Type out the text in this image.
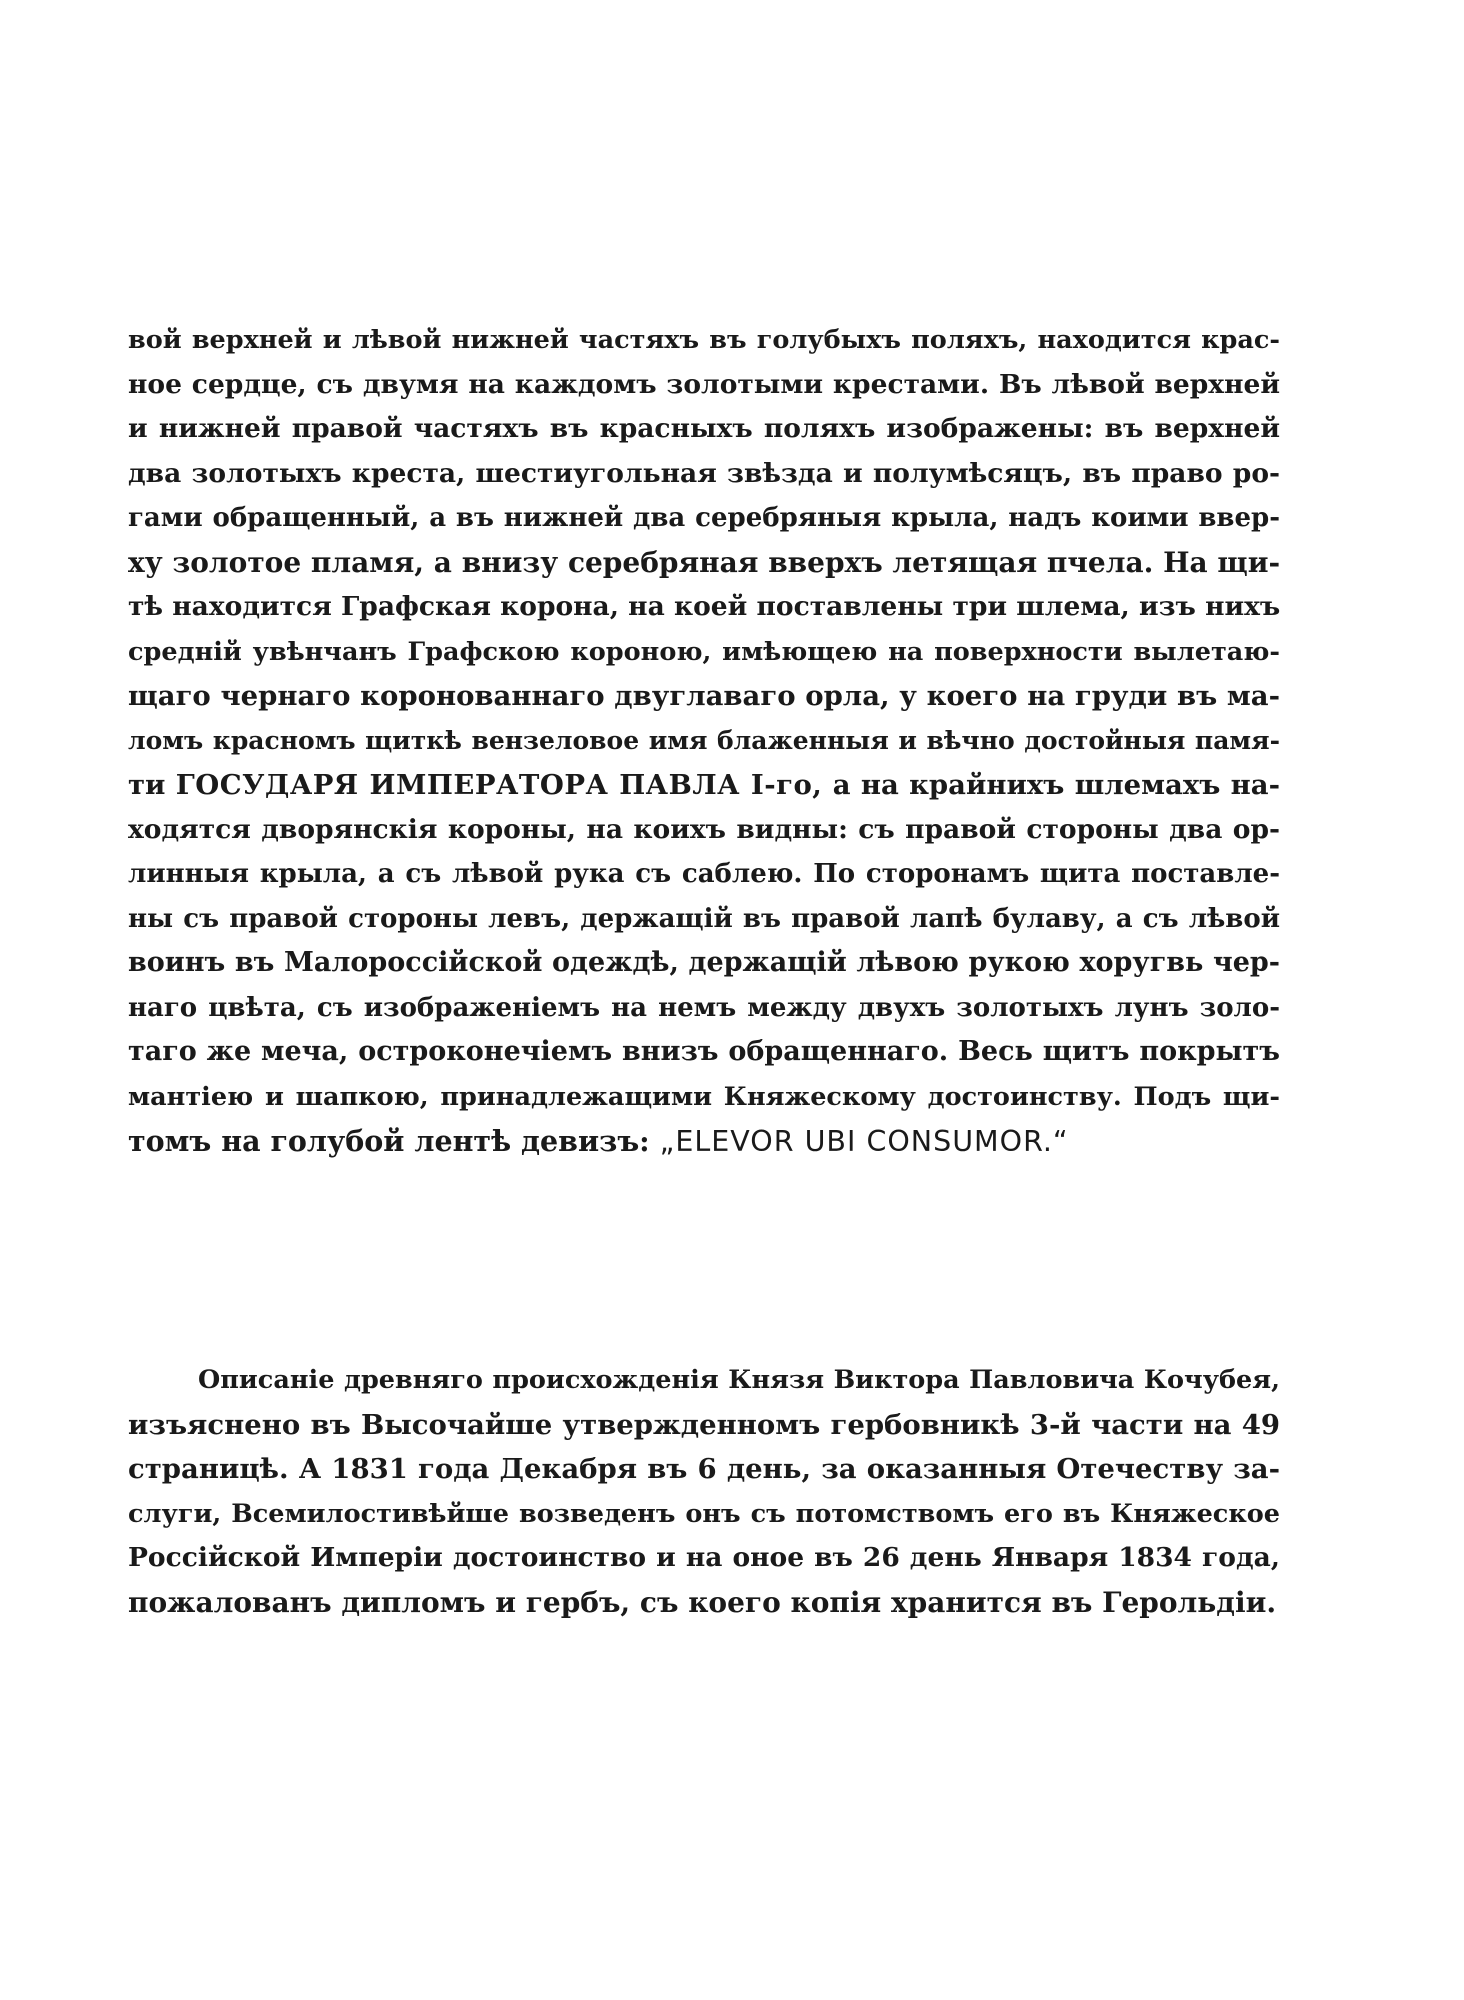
вой верхней и лѣвой нижней частяхъ въ голубыхъ поляхъ, находится крас-
ное сердце, съ двумя на каждомъ золотыми крестами. Въ лѣвой верхней
и нижней правой частяхъ въ красныхъ поляхъ изображены: въ верхней
два золотыхъ креста, шестиугольная звѣзда и полумѣсяцъ, въ право ро-
гами обращенный, а въ нижней два серебряныя крыла, надъ коими ввер-
ху золотое пламя, а внизу серебряная вверхъ летящая пчела. На щи-
тѣ находится Графская корона, на коей поставлены три шлема, изъ нихъ
средній увѣнчанъ Графскою короною, имѣющею на поверхности вылетаю-
щаго чернаго коронованнаго двуглаваго орла, у коего на груди въ ма-
ломъ красномъ щиткѣ вензеловое имя блаженныя и вѣчно достойныя памя-
ти ГОСУДАРЯ ИМПЕРАТОРА ПАВЛА I-го, а на крайнихъ шлемахъ на-
ходятся дворянскія короны, на коихъ видны: съ правой стороны два ор-
линныя крыла, а съ лѣвой рука съ саблею. По сторонамъ щита поставле-
ны съ правой стороны левъ, держащій въ правой лапѣ булаву, а съ лѣвой
воинъ въ Малороссійской одеждѣ, держащій лѣвою рукою хоругвь чер-
наго цвѣта, съ изображеніемъ на немъ между двухъ золотыхъ лунъ золо-
таго же меча, остроконечіемъ внизъ обращеннаго. Весь щитъ покрытъ
мантіею и шапкою, принадлежащими Княжескому достоинству. Подъ щи-
томъ на голубой лентѣ девизъ: „ELEVOR UBI CONSUMOR.“
Описаніе древняго происхожденія Князя Виктора Павловича Кочубея,
изъяснено въ Высочайше утвержденномъ гербовникѣ 3-й части на 49
страницѣ. А 1831 года Декабря въ 6 день, за оказанныя Отечеству за-
слуги, Всемилостивѣйше возведенъ онъ съ потомствомъ его въ Княжеское
Россійской Имперіи достоинство и на оное въ 26 день Января 1834 года,
пожалованъ дипломъ и гербъ, съ коего копія хранится въ Герольдіи.
